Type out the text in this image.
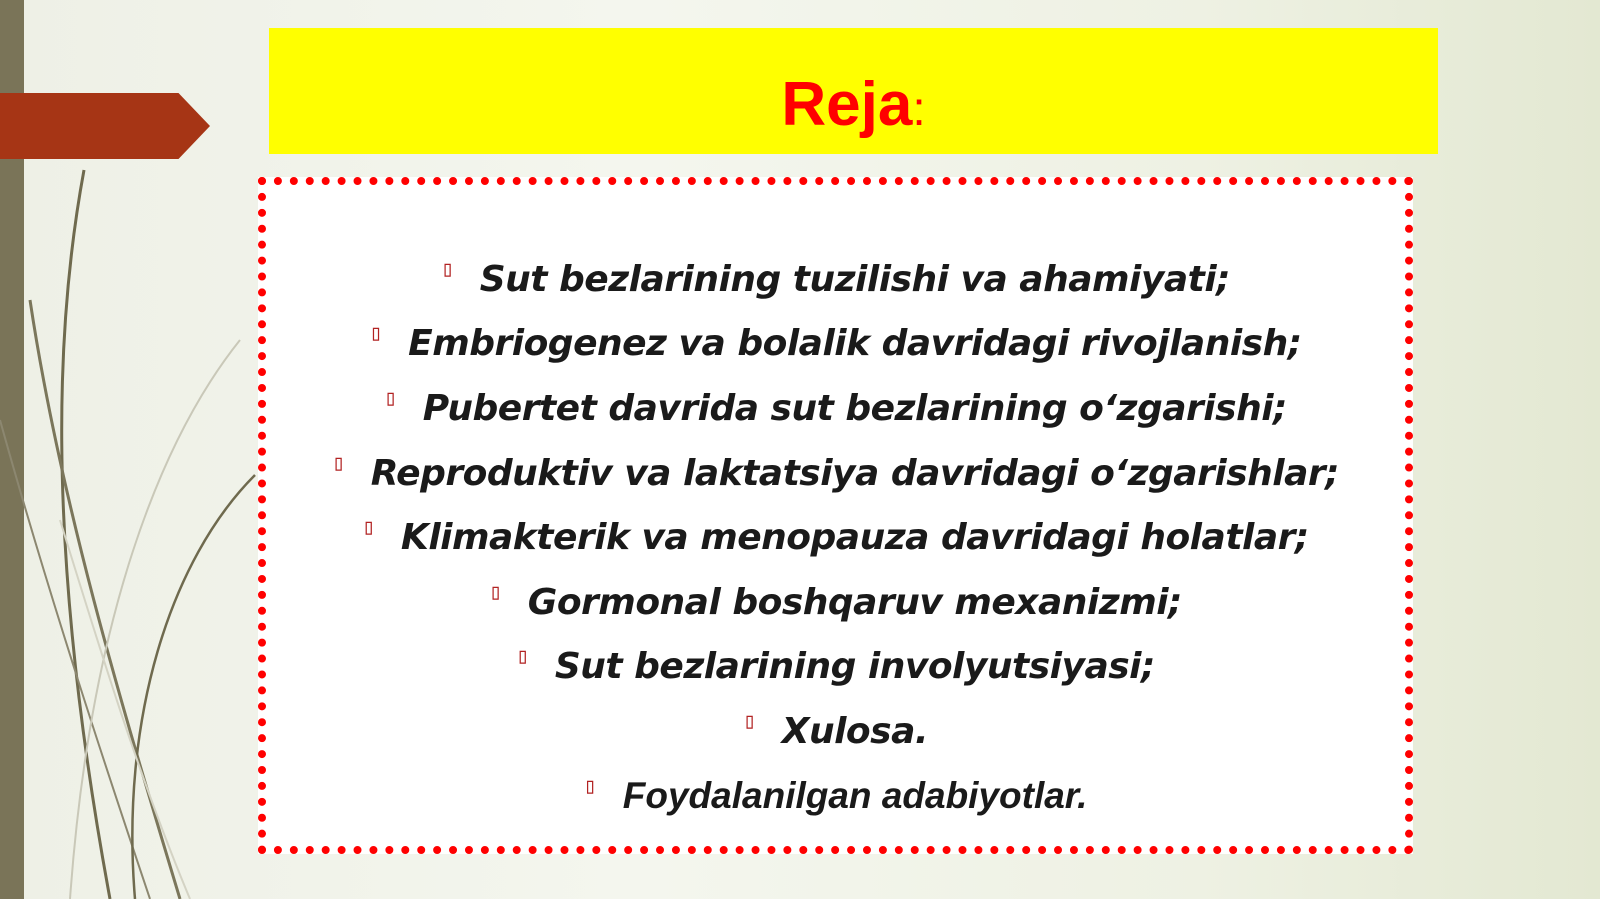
Reja:
▯ Sut bezlarining tuzilishi va ahamiyati;
▯ Embriogenez va bolalik davridagi rivojlanish;
▯ Pubertet davrida sut bezlarining o‘zgarishi;
▯ Reproduktiv va laktatsiya davridagi o‘zgarishlar;
▯ Klimakterik va menopauza davridagi holatlar;
▯ Gormonal boshqaruv mexanizmi;
▯ Sut bezlarining involyutsiyasi;
▯ Xulosa.
▯ Foydalanilgan adabiyotlar.
